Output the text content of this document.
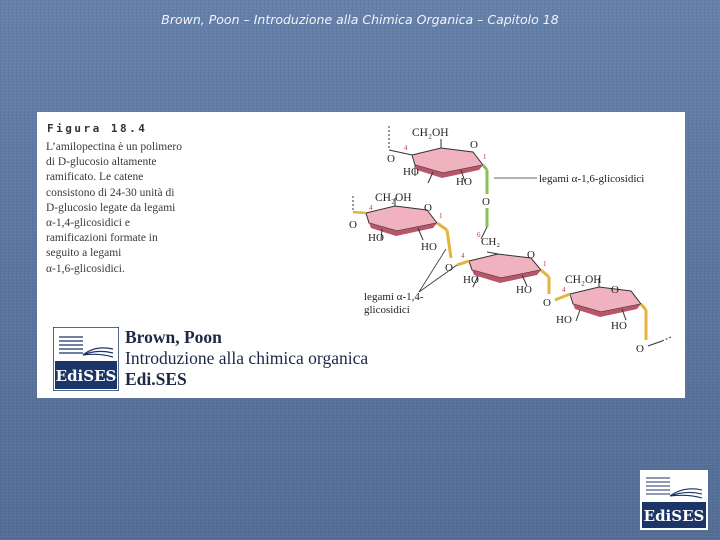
Brown, Poon – Introduzione alla Chimica Organica – Capitolo 18
Figura 18.4
L’amilopectina è un polimero
di D-glucosio altamente
ramificato. Le catene
consistono di 24-30 unità di
D-glucosio legate da legami
α-1,4-glicosidici e
ramificazioni formate in
seguito a legami
α-1,6-glicosidici.
CH₂OH
O
4	O
1
HO
HO
O
CH₂
6
legami α-1,6-glicosidici
CH₂OH
O
4	O
1
HO
HO
O
4	O
1
HO
HO
O
CH₂OH
4	O
HO	HO
O
legami α-1,4-
glicosidici
EdiSES
Brown, Poon
Introduzione alla chimica organica
Edi.SES
EdiSES
